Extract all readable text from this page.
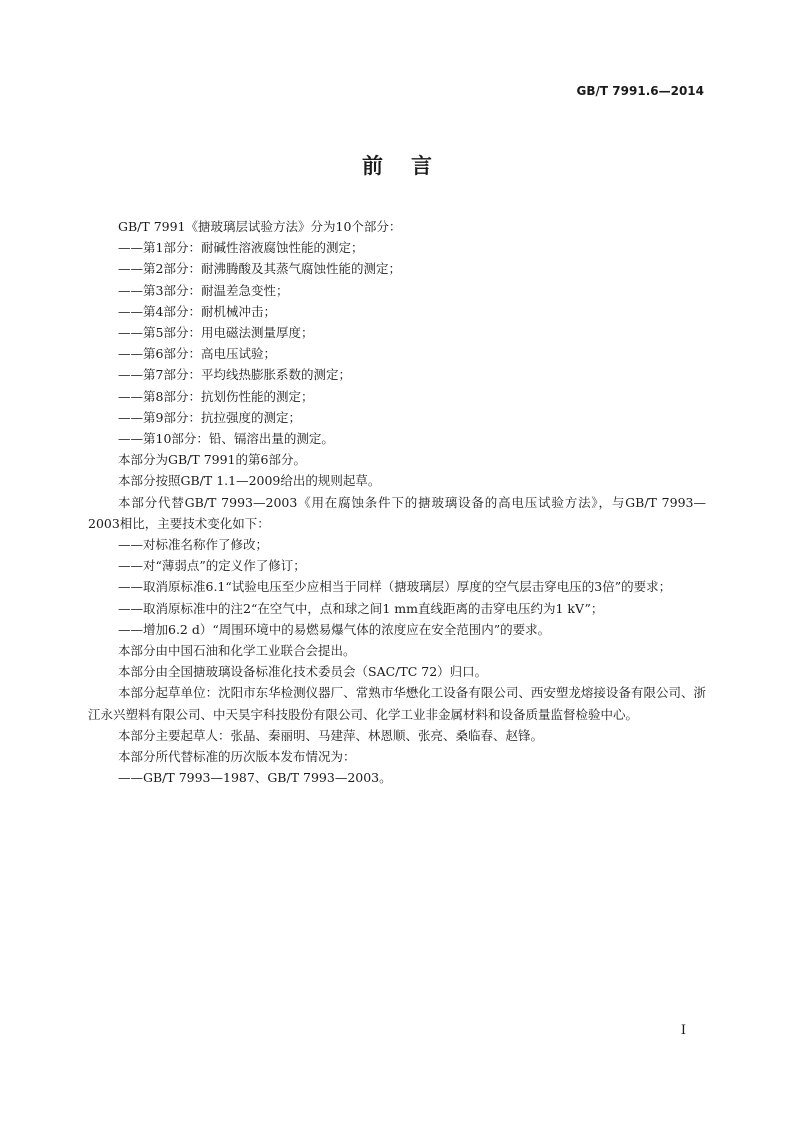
GB/T 7991.6—2014
前言

GB/T 7991《搪玻璃层试验方法》分为10个部分：

——第1部分：耐碱性溶液腐蚀性能的测定；

——第2部分：耐沸腾酸及其蒸气腐蚀性能的测定；

——第3部分：耐温差急变性；

——第4部分：耐机械冲击；

——第5部分：用电磁法测量厚度；

——第6部分：高电压试验；

——第7部分：平均线热膨胀系数的测定；

——第8部分：抗划伤性能的测定；

——第9部分：抗拉强度的测定；

——第10部分：铅、镉溶出量的测定。

本部分为GB/T 7991的第6部分。

本部分按照GB/T 1.1—2009给出的规则起草。

本部分代替GB/T 7993—2003《用在腐蚀条件下的搪玻璃设备的高电压试验方法》，与GB/T 7993—2003相比，主要技术变化如下：

——对标准名称作了修改；

——对“薄弱点”的定义作了修订；

——取消原标准6.1“试验电压至少应相当于同样（搪玻璃层）厚度的空气层击穿电压的3倍”的要求；

——取消原标准中的注2“在空气中，点和球之间1 mm直线距离的击穿电压约为1 kV”；

——增加6.2 d）“周围环境中的易燃易爆气体的浓度应在安全范围内”的要求。

本部分由中国石油和化学工业联合会提出。

本部分由全国搪玻璃设备标准化技术委员会（SAC/TC 72）归口。

本部分起草单位：沈阳市东华检测仪器厂、常熟市华懋化工设备有限公司、西安塑龙熔接设备有限公司、浙江永兴塑料有限公司、中天昊宇科技股份有限公司、化学工业非金属材料和设备质量监督检验中心。

本部分主要起草人：张晶、秦丽明、马建萍、林恩顺、张亮、桑临春、赵锋。

本部分所代替标准的历次版本发布情况为：

——GB/T 7993—1987、GB/T 7993—2003。

I
